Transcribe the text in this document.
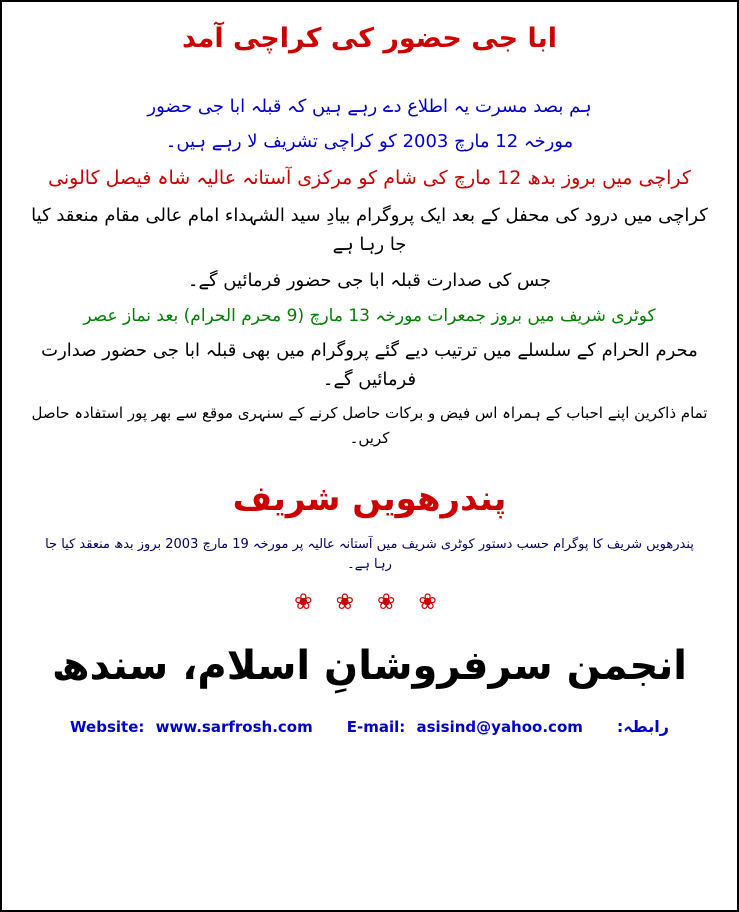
ابا جی حضور کی کراچی آمد
ہم بصد مسرت یہ اطلاع دے رہے ہیں کہ قبلہ ابا جی حضور
مورخہ 12 مارچ 2003 کو کراچی تشریف لا رہے ہیں۔
کراچی میں بروز بدھ 12 مارچ کی شام کو مرکزی آستانہ عالیہ شاہ فیصل کالونی
کراچی میں درود کی محفل کے بعد ایک پروگرام بیادِ سید الشہداء امام عالی مقام منعقد کیا جا رہا ہے
جس کی صدارت قبلہ ابا جی حضور فرمائیں گے۔
کوٹری شریف میں بروز جمعرات مورخہ 13 مارچ (9 محرم الحرام) بعد نماز عصر
محرم الحرام کے سلسلے میں ترتیب دیے گئے پروگرام میں بھی قبلہ ابا جی حضور صدارت فرمائیں گے۔
تمام ذاکرین اپنے احباب کے ہمراہ اس فیض و برکات حاصل کرنے کے سنہری موقع سے بھر پور استفادہ حاصل کریں۔
پندرھویں شریف
پندرھویں شریف کا پوگرام حسب دستور کوٹری شریف میں آستانہ عالیہ پر مورخہ 19 مارچ 2003 بروز بدھ منعقد کیا جا رہا ہے۔
❀ ❀ ❀ ❀
انجمن سرفروشانِ اسلام، سندھ
رابطہ:
E-mail: asisind@yahoo.com
Website: www.sarfrosh.com
